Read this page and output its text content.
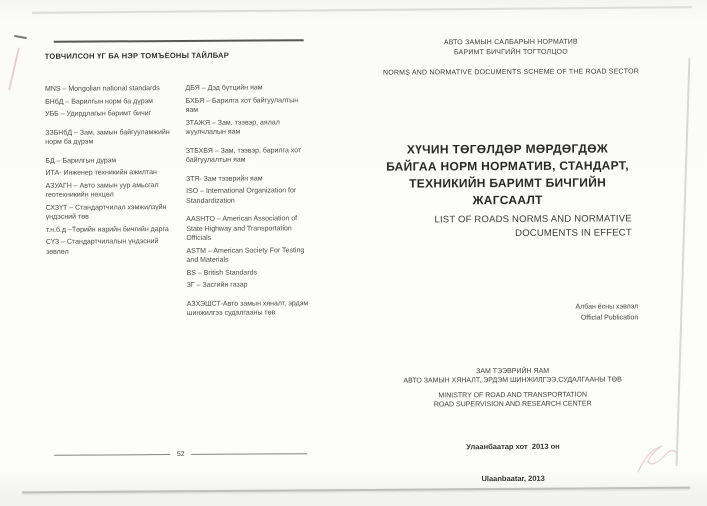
ТОВЧИЛСОН ҮГ БА НЭР ТОМЪЁОНЫ ТАЙЛБАР
MNS – Mongolian national standards
БНбД – Барилгын норм ба дүрэм
УББ – Удирдлагын баримт бичиг
ЗЗБНбД – Зам, замын байгууламжийн норм ба дүрэм
БД – Барилгын дүрэм
ИТА- Инженер техникийн ажилтан
АЗУАГН – Авто замын уур амьсгал геотехникийн нөхцөл
СХЗҮТ – Стандартчилал хэмжилзүйн үндэсний төв
т.н.б.д –Төрийн нарийн бичгийн дарга
СҮЗ – Стандартчилалын үндэсний зөвлөл
ДБЯ – Дэд бүтцийн яам
БХБЯ – Барилга хот байгуулалтын яам
ЗТАЖЯ – Зам, тээвэр, аялал жуулчлалын яам
ЗТБХБЯ – Зам, тээвэр, барилга хот байгуулалтын яам
ЗТЯ- Зам тээврийн яам
ISO – International Organization for Standardization
AASHTO – American Association of State Highway and Transportation Officials
ASTM – American Society For Testing and Materials
BS – British Standards
ЗГ – Засгийн газар
АЗХЭШСТ-Авто замын хяналт, эрдэм шинжилгээ судалгааны төв
52
АВТО ЗАМЫН САЛБАРЫН НОРМАТИВ
БАРИМТ БИЧГИЙН ТОГТОЛЦОО
NORMS AND NORMATIVE DOCUMENTS SCHEME OF THE ROAD SECTOR
ХҮЧИН ТӨГӨЛДӨР МӨРДӨГДӨЖ
БАЙГАА НОРМ НОРМАТИВ, СТАНДАРТ,
ТЕХНИКИЙН БАРИМТ БИЧГИЙН
ЖАГСААЛТ
LIST OF ROADS NORMS AND NORMATIVE
DOCUMENTS IN EFFECT
Албан ёсны хэвлэл
Official Publication
ЗАМ ТЭЭВРИЙН ЯАМ
АВТО ЗАМЫН ХЯНАЛТ, ЭРДЭМ ШИНЖИЛГЭЭ,СУДАЛГААНЫ ТӨВ
MINISTRY OF ROAD AND TRANSPORTATION
ROAD SUPERVISION AND RESEARCH CENTER

Улаанбаатар хот  2013 он

Ulaanbaatar, 2013
